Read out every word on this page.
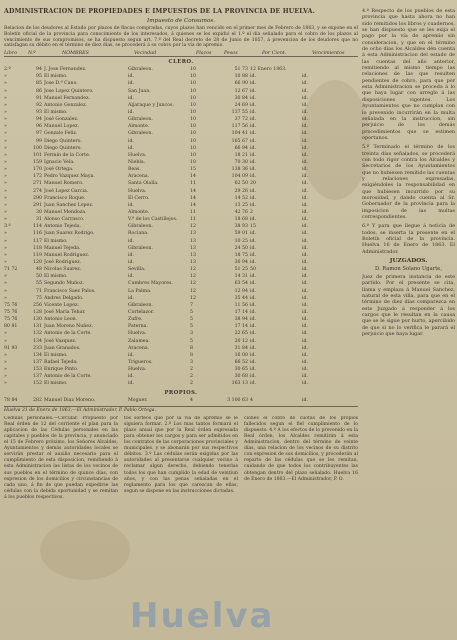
ADMINISTRACION DE PROPIEDADES É IMPUESTOS DE LA PROVINCIA DE HUELVA.
Impuesto de Consumos.
Relacion de los deudores al Estado por plazos de fincas compradas, cuyos plazos han vencido en el primer mes de Febrero de 1863, y se expone en el Boletín oficial de la provincia para conocimiento de los interesados, á quienes se les expidió el 1.º el día señalado para el cobro de los plazos al vencimiento de sus compromisos, se ha dispuesto segun art. 7.º del Real decreto de 28 de Junio de 1857, á prevencion de los deudores que no satisfagan su débito en el término de diez días, se procederá á su cobro por la vía de apremio.
Libro	N.º	NOMBRES	Vecindad	Plazos	Pesos	Por Cient.	Vencimientos
CLERO.
2.º	94 J. Jose Fernandez.	Gibraleon.	10	51 73 12 Enero 1863.
»	95 El mismo.	id.	10	10 88 id.	id.
»	85 Jose D.ª Cano.	id.	10	66 90 id.	id.
»	86 Jose Lopez Quintero.	San Juan.	10	12 67 id.	id.
»	91 Manuel Fernandez.	id.	10	30 84 id.	id.
»	92 Antonio Gonzalez.	Aljaraque y Juncos.	10	24 69 id.	id.
»	93 El mismo.	id.	10	137 55 id.	id.
»	94 José Gonzalez.	Gibraleon.	10	37 72 id.	id.
»	96 Manuel Lopez.	Almonte.	10	117 56 id.	id.
»	97 Gonzalo Feliz.	Gibraleon.	10	104 41 id.	id.
»	99 Diego Quintero.	id.	10	165 67 id.	id.
»	100 Diego Quintero.	id.	10	66 94 id.	id.
»	101 Fermin de la Corte.	Huelva.	10	18 21 id.	id.
»	159 Ignacio Vela.	Niebla.	10	70 30 id.	id.
»	170 José Ortega.	Beas.	15	138 36 id.	id.
»	172 Pedro Vazquez Maya.	Aracena.	14	104 09 id.	id.
»	271 Manuel Romero.	Santa Olalla.	11	62 50 20	id.
»	274 José Lopez Garcia.	Huelva.	14	29 26 id.	id.
»	290 Francisco Roque.	El Cerro.	14	14 52 id.	id.
»	291 Juan Sanchez Lopez.	id.	14	13 25 id.	id.
»	30 Manuel Mendoza.	Almonte.	11	42 76 2	id.
»	31 Alonso Carrasco.	V.ª de los Castillejos.	11	18 68 id.	id.
3.º	114 Antonio Tejeda.	Gibraleon.	12	38 93 15	id.
»	116 Juan Suarez Rodrigo.	Rociana.	13	59 01 id.	id.
»	117 El mismo.	id.	13	10 25 id.	id.
»	118 Manuel Tejeda.	Gibraleon.	13	24 50 id.	id.
»	119 Manuel Rodriguez.	id.	13	18 75 id.	id.
»	120 José Rodriguez.	id.	13	30 94 id.	id.
71 72	48 Nicolas Suarez.	Sevilla.	12	51 25 50	id.
»	50 El mismo.	id.	12	14 31 id.	id.
»	55 Segundo Muñoz.	Cumbres Mayores.	12	63 54 id.	id.
»	71 Francisco Saez Palos.	La Palma.	12	12 94 id.	id.
»	75 Andres Delgado.	id.	12	35 44 id.	id.
75 76	256 Vicente Lopez.	Gibraleon.	7	11 56 id.	id.
75 76	128 José Maria Tebar.	Cortelazor.	5	17 14 id.	id.
75 76	130 Antonio Leon.	Zufre.	5	38 94 id.	id.
80 81	131 Juan Moreno Nuñez.	Paterna.	5	17 14 id.	id.
»	132 Antonio de la Corte.	Huelva.	3	22 65 id.	id.
»	134 José Vazquez.	Zalamea.	5	20 12 id.	id.
91 93	233 Juan Granados.	Aracena.	8	31 84 id.	id.
»	134 El mismo.	id.	8	16 00 id.	id.
»	137 Rafael Tejeda.	Trigueros.	3	66 52 id.	id.
»	153 Enrique Pinto.	Huelva.	2	30 65 id.	id.
»	137 Antonio de la Corte.	id.	2	30 68 id.	id.
»	152 El mismo.	id.	2	163 13 id.	id.
PROPIOS.
78 84	282 Manuel Diaz Moreno.	Moguer.	4	3 100 63 4	id.
Huelva 21 de Enero de 1863.—El Administrador, P. Pablo Ortega.
Cédulas personales.—Circular. Propuesto por Real órden de 12 del corriente el plan para la aplicacion de las Cédulas personales en las capitales y pueblos de la provincia, y anunciado el 15 de Febrero próximo, los Señores Alcaldes, Ayuntamientos y demás autoridades locales se servirán prestar el auxilio necesario para el cumplimiento de esta disposicion, remitiendo á esta Administracion las listas de los vecinos de sus pueblos en el término de quince días, con expresion de los domicilios y circunstancias de cada uno, á fin de que puedan expedirse las cédulas con la debida oportunidad y se remitan á los pueblos respectivos.
tos sorteos que por la via de apremio se le siguiera formar. 2.º Los mas tantos formará el plazo anual que por la Real órden expresada para obtener los cargos y para ser admitidos en los contratos de las corporaciones provinciales y municipales, y se abonarán por sus respectivos débitos. 3.º Las cédulas serán exigidas por las autoridades al presentarse cualquier vecino á reclamar algun derecho, debiendo tenerlas todos los que han cumplido la edad de veintiun años, y con las penas señaladas en el reglamento para los que carezcan de ellas, segun se dispone en las instrucciones dictadas.
ciones el cobro de cuotas de los propios fallecidos segun el fiel cumplimiento de lo dispuesto. 4.º A los efectos de lo prevenido en la Real órden, los Alcaldes remitirán á esta Administracion, dentro del término de veinte días, una relacion de los vecinos de su distrito con expresion de sus domicilios, y procederán al reparto de las cédulas que se les remitan, cuidando de que todos los contribuyentes las obtengan dentro del plazo señalado. Huelva 16 de Enero de 1863.—El Administrador, P. O.
4.º Respecto de los pueblos de esta provincia que hasta ahora no han sido remitidos los libros y cuadernos, se han dispuesto que se les exija el pago por la vía de apremio sin consideracion, y que en el término de ocho días los Alcaldes dén cuenta á esta Administracion del estado de las cuentas del año anterior, remitiendo al mismo tiempo las relaciones de las que resulten pendientes de cobro, para que por esta Administracion se proceda á lo que haya lugar con arreglo á las disposiciones vigentes. Los Ayuntamientos que no cumplan con lo prevenido incurrirán en la multa señalada en la instruccion, sin perjuicio de los demás procedimientos que se estimen oportunos.
5.º Terminado el término de los treinta días señalados, se procederá con todo rigor contra los Alcaldes y Secretarios de los Ayuntamientos que no hubiesen remitido las cuentas y relaciones expresadas, exigiéndoles la responsabilidad en que hubiesen incurrido por su morosidad, y dando cuenta al Sr. Gobernador de la provincia para la imposicion de las multas correspondientes.
6.º Y para que llegue á noticia de todos, se inserta la presente en el Boletín oficial de la provincia. Huelva 16 de Enero de 1863. El Administrador.
JUZGADOS.
D. Ramon Solano Ugarte,
Juez de primera instancia de este partido. Por el presente se cita, llama y emplaza á Manuel Sanchez, natural de esta villa, para que en el término de diez días comparezca en este Juzgado á responder á los cargos que le resultan en la causa que se le sigue por hurto, apercibido de que si no lo verifica le parará el perjuicio que haya lugar.
Huelva
